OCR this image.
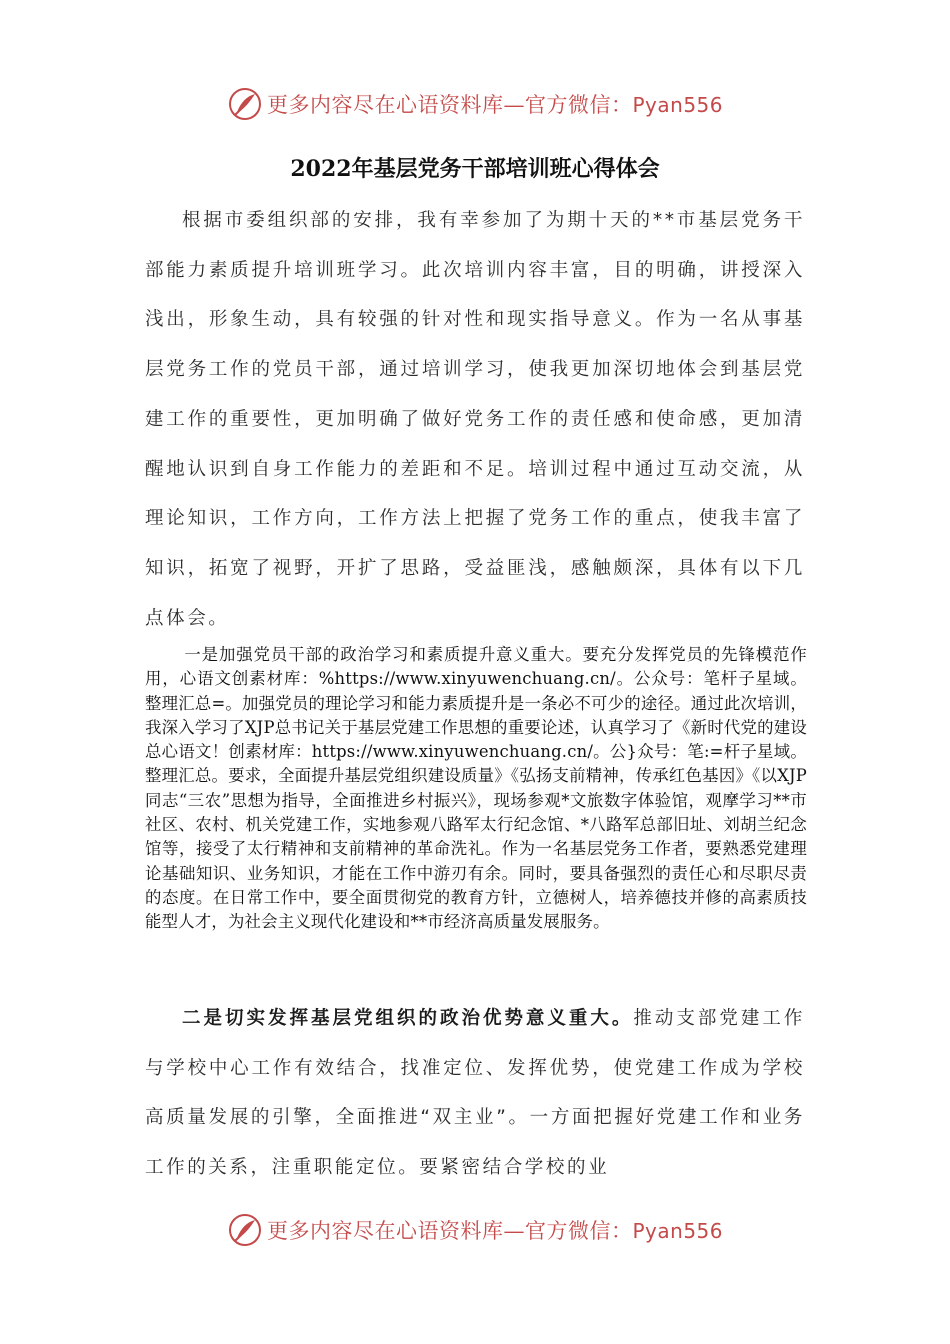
更多内容尽在心语资料库—官方微信：Pyan556
2022年基层党务干部培训班心得体会

根据市委组织部的安排，我有幸参加了为期十天的**市基层党务干部能力素质提升培训班学习。此次培训内容丰富，目的明确，讲授深入浅出，形象生动，具有较强的针对性和现实指导意义。作为一名从事基层党务工作的党员干部，通过培训学习，使我更加深切地体会到基层党建工作的重要性，更加明确了做好党务工作的责任感和使命感，更加清醒地认识到自身工作能力的差距和不足。培训过程中通过互动交流，从理论知识，工作方向，工作方法上把握了党务工作的重点，使我丰富了知识，拓宽了视野，开扩了思路，受益匪浅，感触颇深，具体有以下几点体会。

一是加强党员干部的政治学习和素质提升意义重大。要充分发挥党员的先锋模范作用，心语文创素材库：%https://www.xinyuwenchuang.cn/。公众号：笔杆子星域。整理汇总=。加强党员的理论学习和能力素质提升是一条必不可少的途径。通过此次培训，我深入学习了XJP总书记关于基层党建工作思想的重要论述，认真学习了《新时代党的建设总心语文！创素材库：https://www.xinyuwenchuang.cn/。公}众号：笔:=杆子星域。整理汇总。要求，全面提升基层党组织建设质量》《弘扬支前精神，传承红色基因》《以XJP同志“三农”思想为指导，全面推进乡村振兴》，现场参观*文旅数字体验馆，观摩学习**市社区、农村、机关党建工作，实地参观八路军太行纪念馆、*八路军总部旧址、刘胡兰纪念馆等，接受了太行精神和支前精神的革命洗礼。作为一名基层党务工作者，要熟悉党建理论基础知识、业务知识，才能在工作中游刃有余。同时，要具备强烈的责任心和尽职尽责的态度。在日常工作中，要全面贯彻党的教育方针，立德树人，培养德技并修的高素质技能型人才，为社会主义现代化建设和**市经济高质量发展服务。

二是切实发挥基层党组织的政治优势意义重大。推动支部党建工作与学校中心工作有效结合，找准定位、发挥优势，使党建工作成为学校高质量发展的引擎，全面推进“双主业”。一方面把握好党建工作和业务工作的关系，注重职能定位。要紧密结合学校的业

更多内容尽在心语资料库—官方微信：Pyan556
